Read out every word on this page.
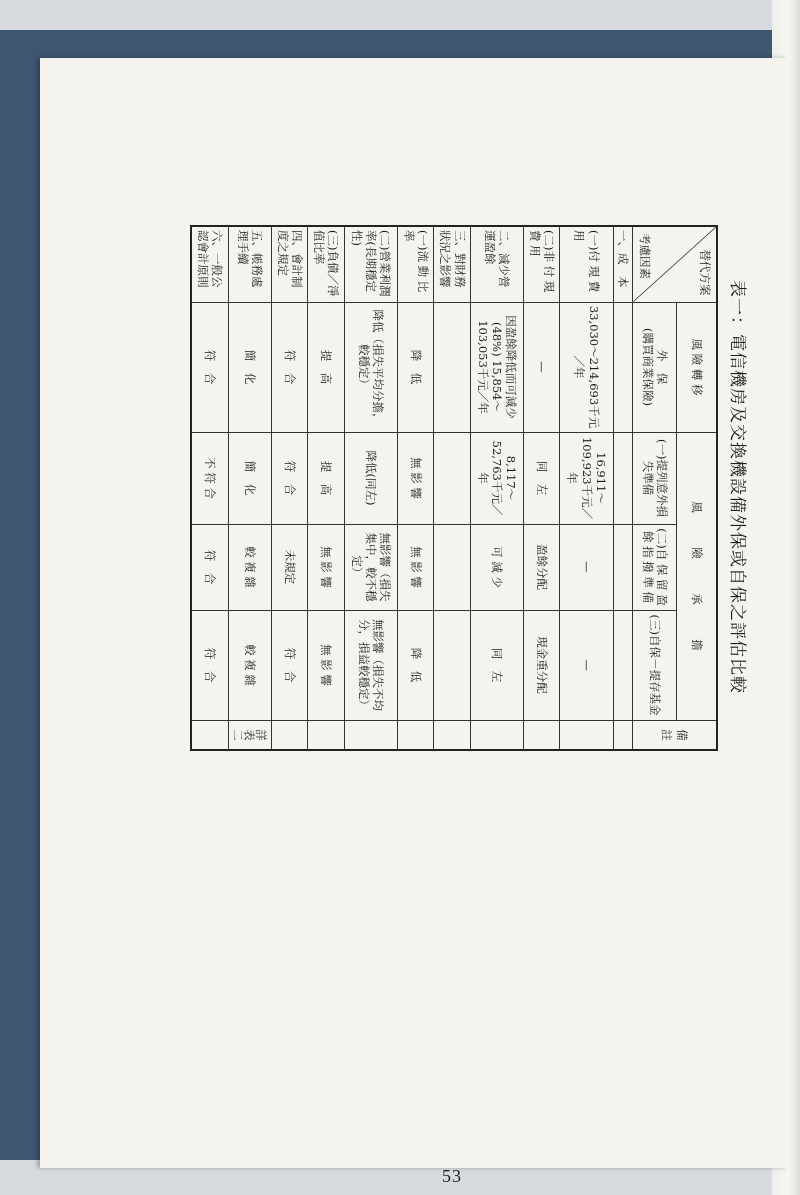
表一：電信機房及交換機設備外保或自保之評估比較
替代方案
考慮因素	風 險 轉 移	風　　　險　　　承　　　擔			備 註

	外　保
(購買商業保險)	(一)提列意外損失準備	(二)自 保 留 盈 餘 指 撥 準 備	(三)自保－提存基金	
一、成　本					
(一)付 現 費 用	33,030～214,693千元／年	16,911～109,923千元／年	—	—	
(二)非 付 現 費 用	—	同　左	盈餘分配	現金重分配	
二、減少營運盈餘	因盈餘降低而可減少(48%) 15,854～103,053千元／年	8,117～ 52,763千元／年	可 減 少	同　左	
三、對財務狀況之影響					
(一)流 動 比 率	降　低	無 影 響	無 影 響	降　低	
(二)營業利潤率(長期穩定性)	降低（損失平均分擔，較穩定）	降低(同左)	無影響（損失集中，較不穩定）	無影響（損失不均分，損益較穩定）	
(三)負債／淨值比率	提　高	提　高	無 影 響	無 影 響	
四、會計制度之規定	符　合	符　合	未規定	符　合	
五、帳務處理手續	簡　化	簡　化	較 複 雜	較 複 雜	詳表二
六、一般公認會計原則	符　合	不 符 合	符　合	符　合	
53
